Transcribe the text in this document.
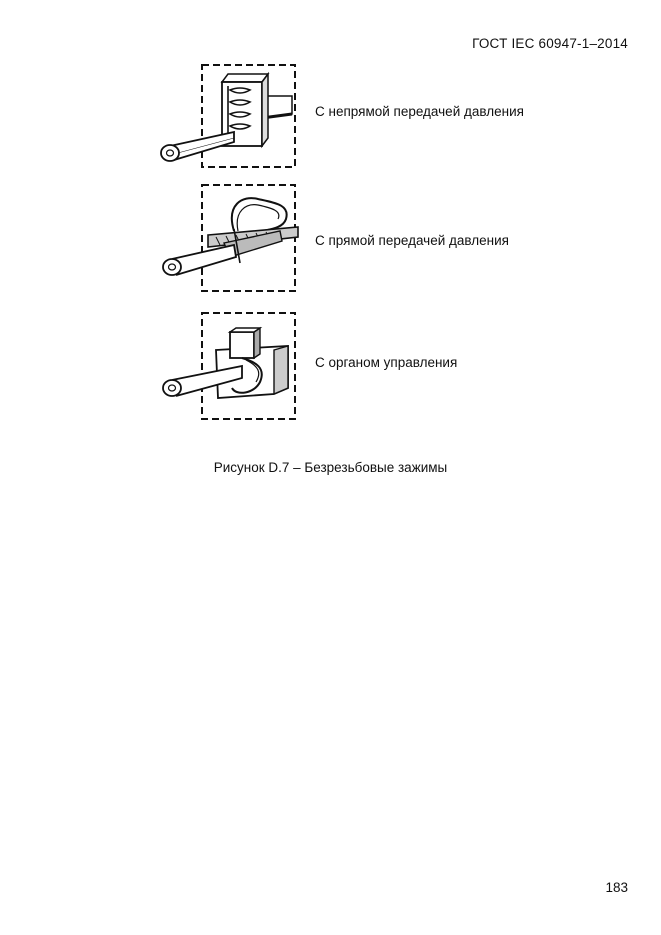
ГОСТ IEC 60947-1–2014
С непрямой передачей давления
С прямой передачей давления
С органом управления
Рисунок D.7 – Безрезьбовые зажимы
183
